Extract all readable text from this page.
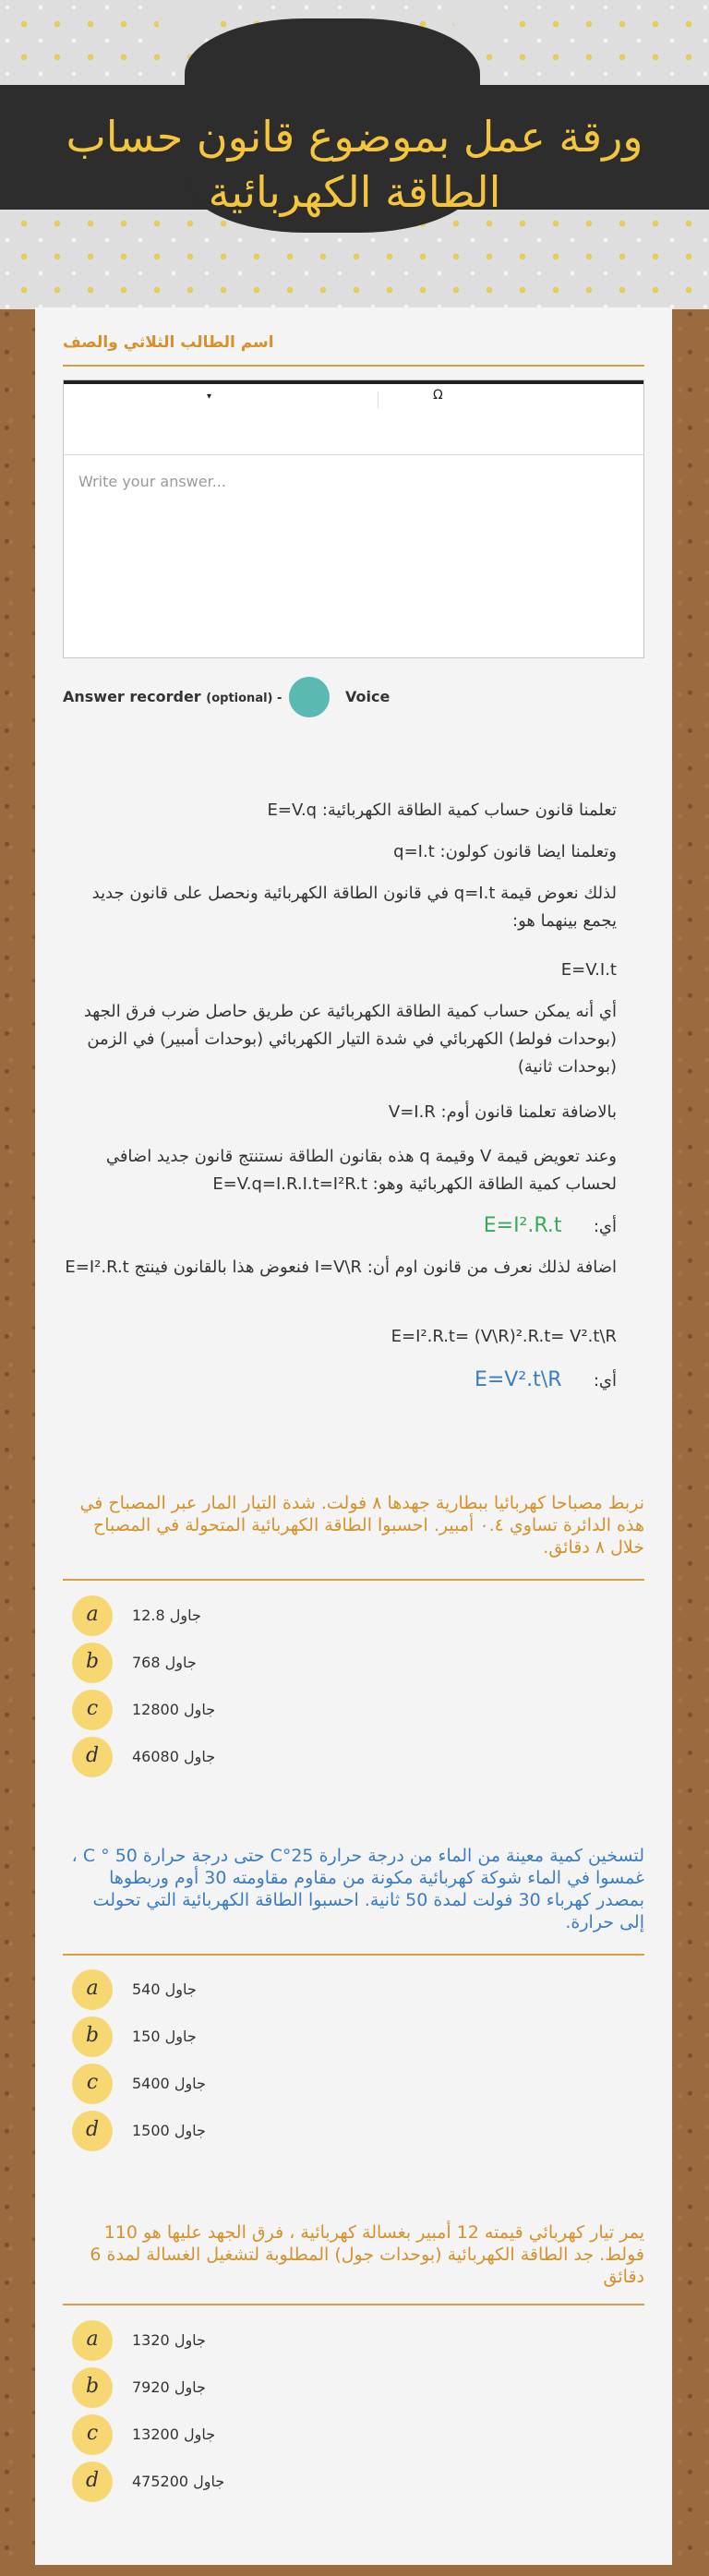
ورقة عمل بموضوع قانون حساب
الطاقة الكهربائية
اسم الطالب الثلاثي والصف
▾	Ω
Write your answer...
Answer recorder (optional) -	Voice

تعلمنا قانون حساب كمية الطاقة الكهربائية: E=V.q

وتعلمنا ايضا قانون كولون: q=I.t

لذلك نعوض قيمة q=I.t في قانون الطاقة الكهربائية ونحصل على قانون جديد يجمع بينهما هو:

E=V.I.t

أي أنه يمكن حساب كمية الطاقة الكهربائية عن طريق حاصل ضرب فرق الجهد (بوحدات فولط) الكهربائي في شدة التيار الكهربائي (بوحدات أمبير) في الزمن (بوحدات ثانية)

بالاضافة تعلمنا قانون أوم: V=I.R

وعند تعويض قيمة V وقيمة q هذه بقانون الطاقة نستنتج قانون جديد اضافي لحساب كمية الطاقة الكهربائية وهو: E=V.q=I.R.I.t=I²R.t

أي:      E=I².R.t

اضافة لذلك نعرف من قانون اوم أن: I=V\R فنعوض هذا بالقانون فينتج E=I².R.t

E=I².R.t= (V\R)².R.t= V².t\R

أي:      E=V².t\R

نربط مصباحا كهربائيا ببطارية جهدها ٨ فولت. شدة التيار المار عبر المصباح في هذه الدائرة تساوي ٠.٤ أمبير. احسبوا الطاقة الكهربائية المتحولة في المصباح خلال ٨ دقائق.

a	12.8 جاول
b	768 جاول
c	12800 جاول
d	46080 جاول

لتسخين كمية معينة من الماء من درجة حرارة 25°C حتى درجة حرارة 50 ° C ، غمسوا في الماء شوكة كهربائية مكونة من مقاوم مقاومته 30 أوم وربطوها بمصدر كهرباء 30 فولت لمدة 50 ثانية. احسبوا الطاقة الكهربائية التي تحولت إلى حرارة.

a	540 جاول
b	150 جاول
c	5400 جاول
d	1500 جاول

يمر تيار كهربائي قيمته 12 أمبير بغسالة كهربائية ، فرق الجهد عليها هو 110 فولط. جد الطاقة الكهربائية (بوحدات جول) المطلوبة لتشغيل الغسالة لمدة 6 دقائق

a	1320 جاول
b	7920 جاول
c	13200 جاول
d	475200 جاول
